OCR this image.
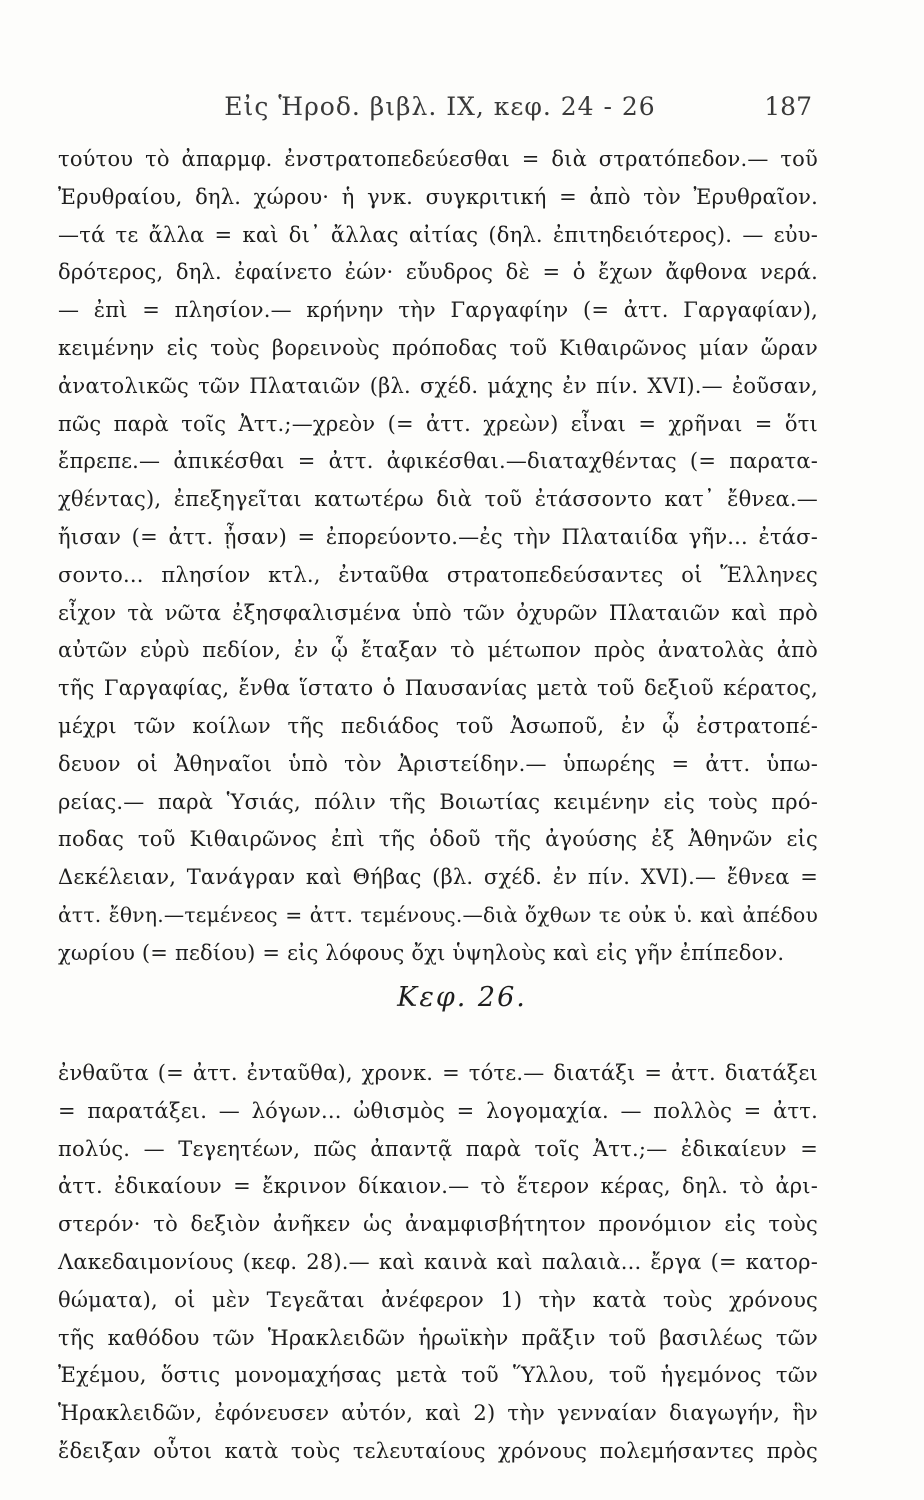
Εἰς Ἡροδ. βιβλ. IX, κεφ. 24 - 26	187
τούτου τὸ ἀπαρμφ. ἐνστρατοπεδεύεσθαι = διὰ στρατόπεδον.— τοῦ
Ἐρυθραίου, δηλ. χώρου· ἡ γνκ. συγκριτική = ἀπὸ τὸν Ἐρυθραῖον.
—τά τε ἄλλα = καὶ δι᾽ ἄλλας αἰτίας (δηλ. ἐπιτηδειότερος). — εὐυ-
δρότερος, δηλ. ἐφαίνετο ἐών· εὔυδρος δὲ = ὁ ἔχων ἄφθονα νερά.
— ἐπὶ = πλησίον.— κρήνην τὴν Γαργαφίην (= ἀττ. Γαργαφίαν),
κειμένην εἰς τοὺς βορεινοὺς πρόποδας τοῦ Κιθαιρῶνος μίαν ὥραν
ἀνατολικῶς τῶν Πλαταιῶν (βλ. σχέδ. μάχης ἐν πίν. XVI).— ἐοῦσαν,
πῶς παρὰ τοῖς Ἀττ.;—χρεὸν (= ἀττ. χρεὼν) εἶναι = χρῆναι = ὅτι
ἔπρεπε.— ἀπικέσθαι = ἀττ. ἀφικέσθαι.—διαταχθέντας (= παρατα-
χθέντας), ἐπεξηγεῖται κατωτέρω διὰ τοῦ ἐτάσσοντο κατ᾽ ἔθνεα.—
ἤισαν (= ἀττ. ᾖσαν) = ἐπορεύοντο.—ἐς τὴν Πλαταιίδα γῆν... ἐτάσ-
σοντο... πλησίον κτλ., ἐνταῦθα στρατοπεδεύσαντες οἱ Ἕλληνες
εἶχον τὰ νῶτα ἐξησφαλισμένα ὑπὸ τῶν ὀχυρῶν Πλαταιῶν καὶ πρὸ
αὐτῶν εὐρὺ πεδίον, ἐν ᾧ ἔταξαν τὸ μέτωπον πρὸς ἀνατολὰς ἀπὸ
τῆς Γαργαφίας, ἔνθα ἵστατο ὁ Παυσανίας μετὰ τοῦ δεξιοῦ κέρατος,
μέχρι τῶν κοίλων τῆς πεδιάδος τοῦ Ἀσωποῦ, ἐν ᾧ ἐστρατοπέ-
δευον οἱ Ἀθηναῖοι ὑπὸ τὸν Ἀριστείδην.— ὑπωρέης = ἀττ. ὑπω-
ρείας.— παρὰ Ὑσιάς, πόλιν τῆς Βοιωτίας κειμένην εἰς τοὺς πρό-
ποδας τοῦ Κιθαιρῶνος ἐπὶ τῆς ὁδοῦ τῆς ἀγούσης ἐξ Ἀθηνῶν εἰς
Δεκέλειαν, Τανάγραν καὶ Θήβας (βλ. σχέδ. ἐν πίν. XVI).— ἔθνεα =
ἀττ. ἔθνη.—τεμένεος = ἀττ. τεμένους.—διὰ ὄχθων τε οὐκ ὑ. καὶ ἀπέδου
χωρίου (= πεδίου) = εἰς λόφους ὄχι ὑψηλοὺς καὶ εἰς γῆν ἐπίπεδον.
Κεφ. 26.
ἐνθαῦτα (= ἀττ. ἐνταῦθα), χρονκ. = τότε.— διατάξι = ἀττ. διατάξει
= παρατάξει. — λόγων... ὠθισμὸς = λογομαχία. — πολλὸς = ἀττ.
πολύς. — Τεγεητέων, πῶς ἀπαντᾷ παρὰ τοῖς Ἀττ.;— ἐδικαίευν =
ἀττ. ἐδικαίουν = ἔκρινον δίκαιον.— τὸ ἕτερον κέρας, δηλ. τὸ ἀρι-
στερόν· τὸ δεξιὸν ἀνῆκεν ὡς ἀναμφισβήτητον προνόμιον εἰς τοὺς
Λακεδαιμονίους (κεφ. 28).— καὶ καινὰ καὶ παλαιὰ... ἔργα (= κατορ-
θώματα), οἱ μὲν Τεγεᾶται ἀνέφερον 1) τὴν κατὰ τοὺς χρόνους
τῆς καθόδου τῶν Ἡρακλειδῶν ἡρωϊκὴν πρᾶξιν τοῦ βασιλέως τῶν
Ἐχέμου, ὅστις μονομαχήσας μετὰ τοῦ Ὕλλου, τοῦ ἡγεμόνος τῶν
Ἡρακλειδῶν, ἐφόνευσεν αὐτόν, καὶ 2) τὴν γενναίαν διαγωγήν, ἣν
ἔδειξαν οὗτοι κατὰ τοὺς τελευταίους χρόνους πολεμήσαντες πρὸς
